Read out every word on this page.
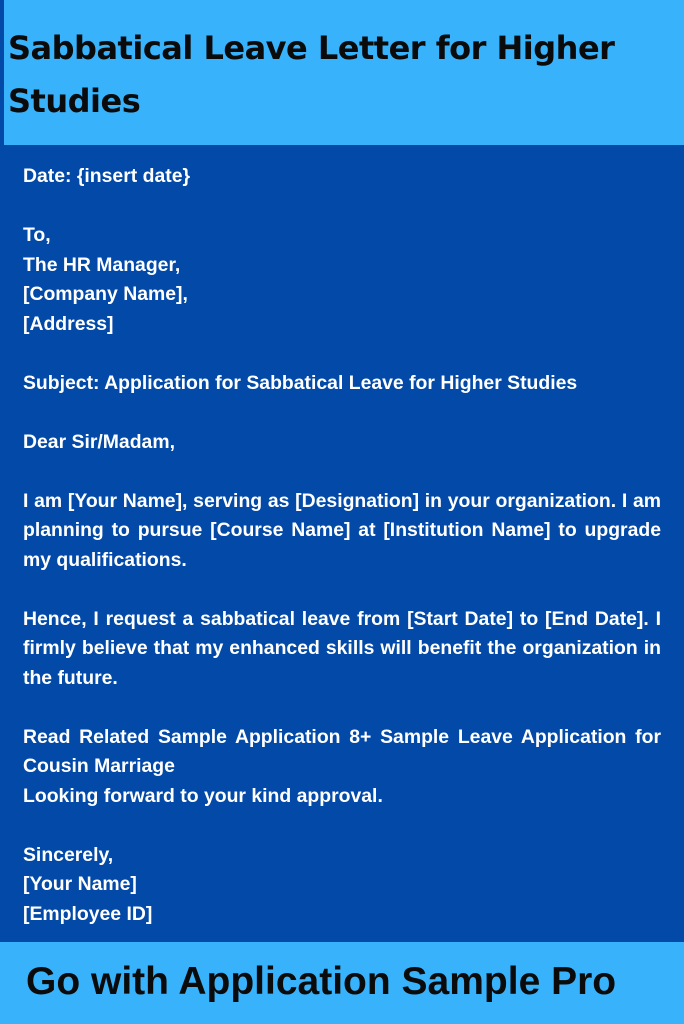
Sabbatical Leave Letter for Higher Studies
Date: {insert date}
To,
The HR Manager,
[Company Name],
[Address]
Subject: Application for Sabbatical Leave for Higher Studies
Dear Sir/Madam,

I am [Your Name], serving as [Designation] in your organization. I am planning to pursue [Course Name] at [Institution Name] to upgrade my qualifications.

Hence, I request a sabbatical leave from [Start Date] to [End Date]. I firmly believe that my enhanced skills will benefit the organization in the future.

Read Related Sample Application 8+ Sample Leave Application for Cousin Marriage

Looking forward to your kind approval.
Sincerely,
[Your Name]
[Employee ID]

Go with Application Sample Pro
